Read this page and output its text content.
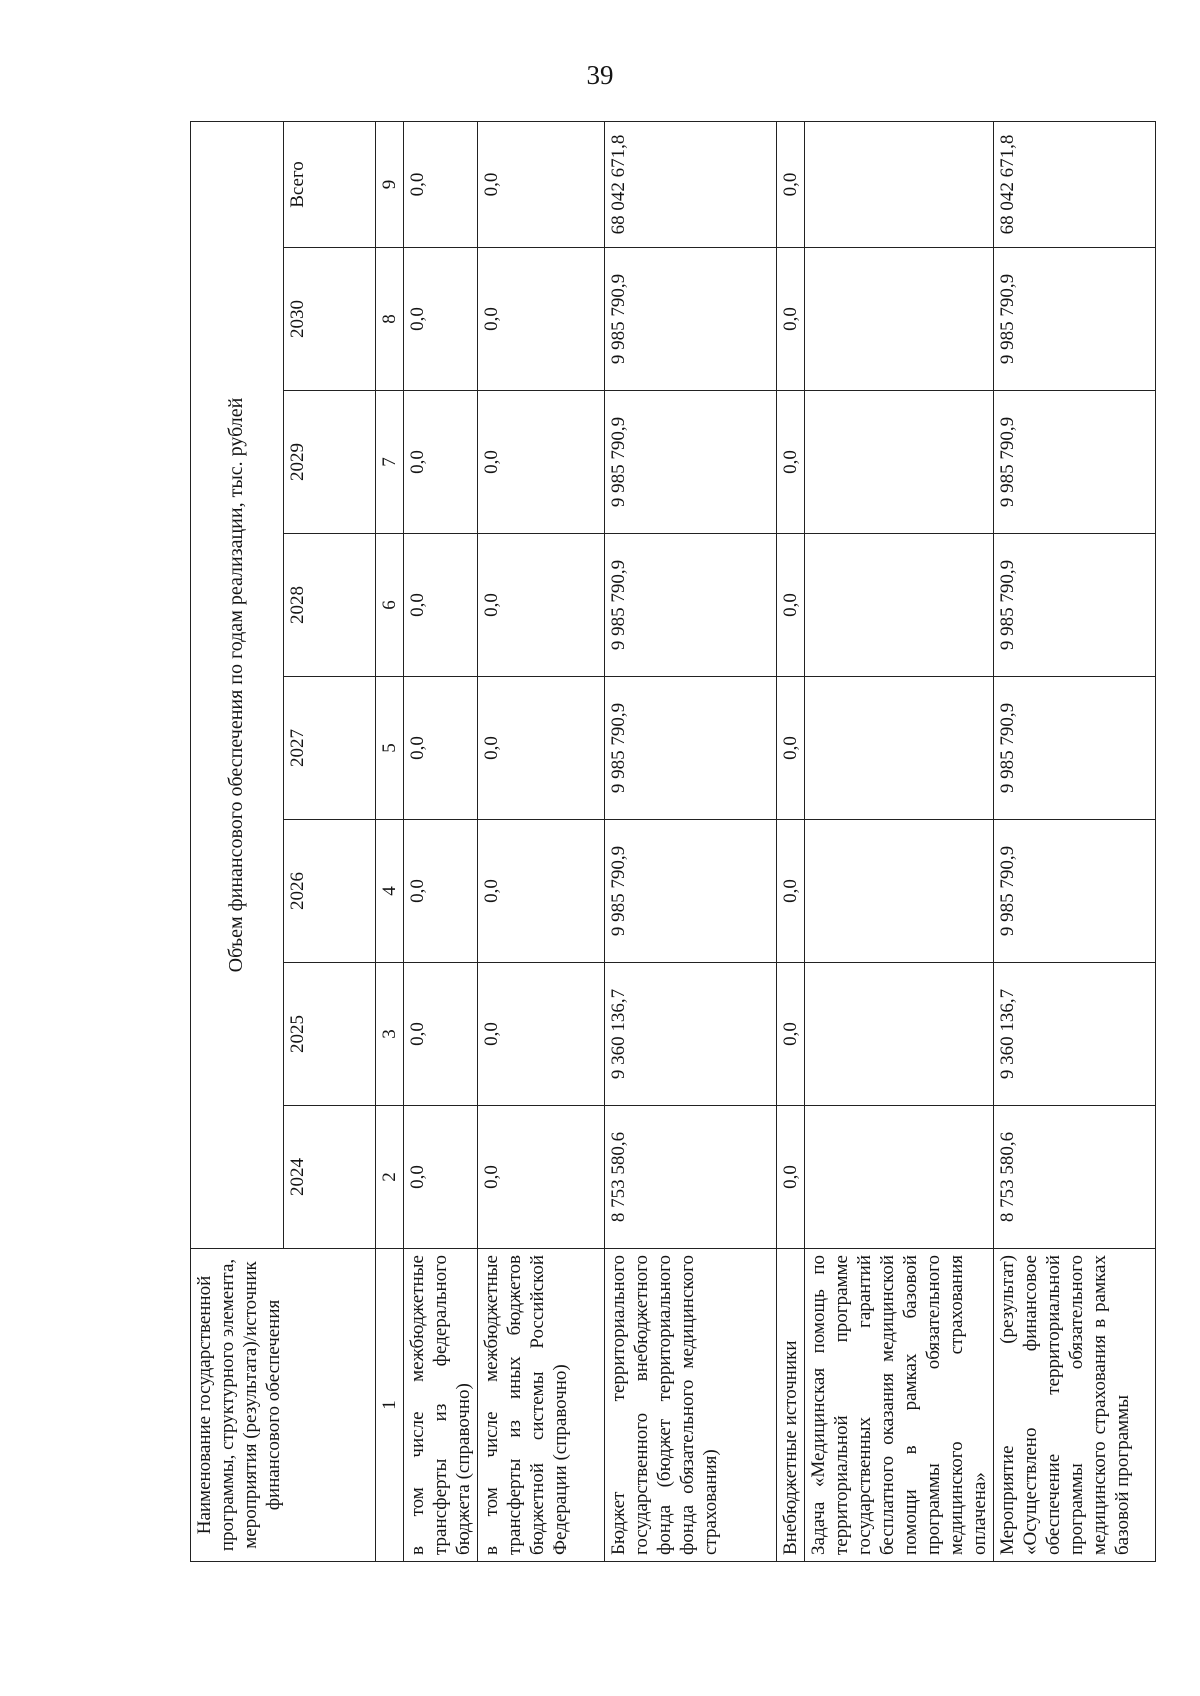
39
Наименование государственной программы, структурного элемента, мероприятия (результата)/источник финансового обеспечения	Объем финансового обеспечения по годам реализации, тыс. рублей							
	2024	2025	2026	2027	2028	2029	2030	Всего
1	2	3	4	5	6	7	8	9
в том числе межбюджетные трансферты из федерального бюджета (справочно)	0,0	0,0	0,0	0,0	0,0	0,0	0,0	0,0
в том числе межбюджетные трансферты из иных бюджетов бюджетной системы Российской Федерации (справочно)	0,0	0,0	0,0	0,0	0,0	0,0	0,0	0,0
Бюджет территориального государственного внебюджетного фонда (бюджет территориального фонда обязательного медицинского страхования)	8 753 580,6	9 360 136,7	9 985 790,9	9 985 790,9	9 985 790,9	9 985 790,9	9 985 790,9	68 042 671,8
Внебюджетные источники	0,0	0,0	0,0	0,0	0,0	0,0	0,0	0,0
Задача «Медицинская помощь по территориальной программе государственных гарантий бесплатного оказания медицинской помощи в рамках базовой программы обязательного медицинского страхования оплачена»								
Мероприятие (результат) «Осуществлено финансовое обеспечение территориальной программы обязательного медицинского страхования в рамках базовой программы	8 753 580,6	9 360 136,7	9 985 790,9	9 985 790,9	9 985 790,9	9 985 790,9	9 985 790,9	68 042 671,8
